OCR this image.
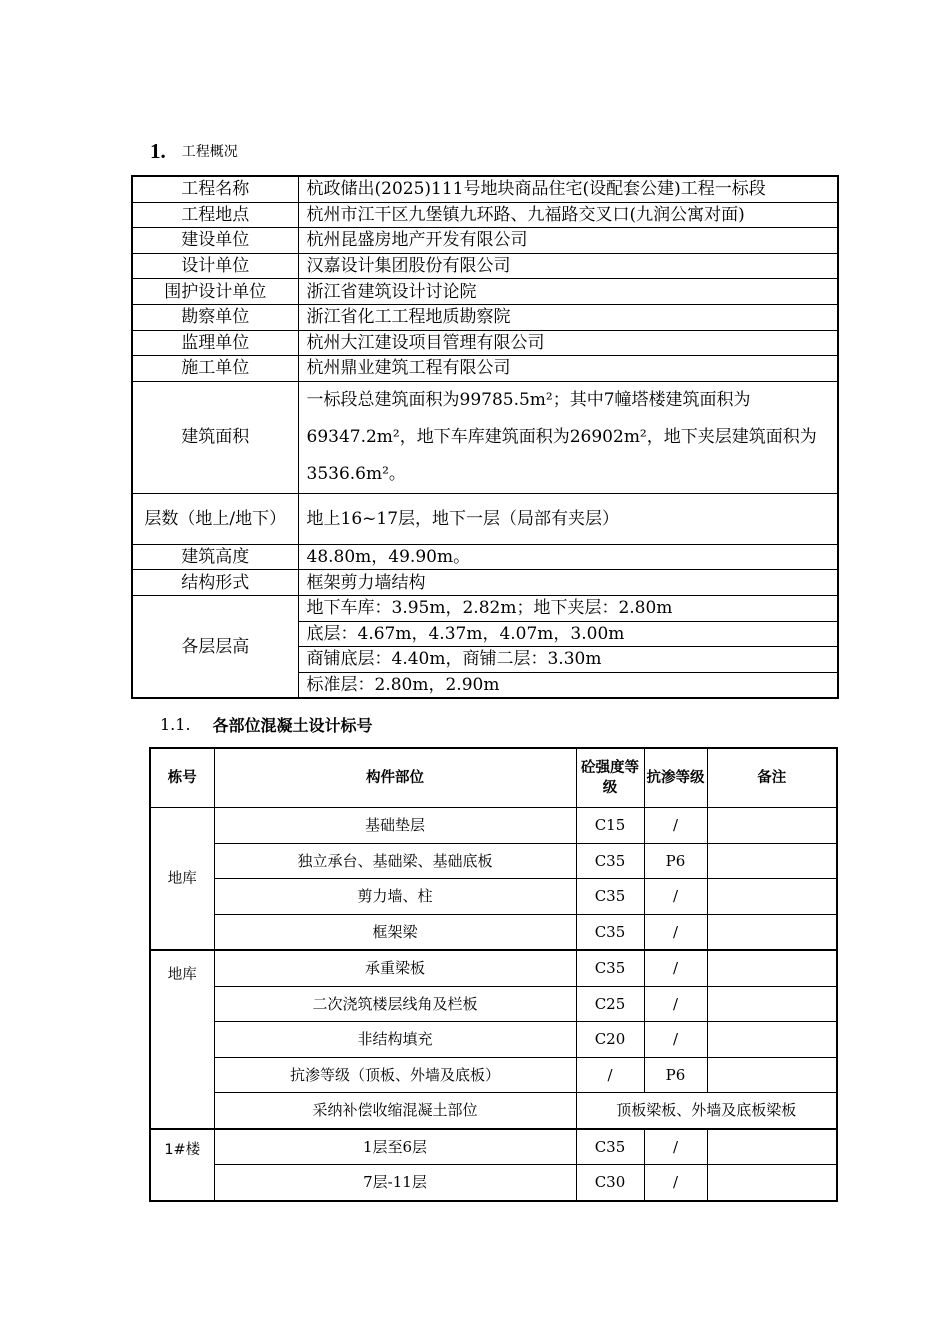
1. 工程概况
工程名称	杭政储出(2025)111号地块商品住宅(设配套公建)工程一标段
工程地点	杭州市江干区九堡镇九环路、九福路交叉口(九润公寓对面)
建设单位	杭州昆盛房地产开发有限公司
设计单位	汉嘉设计集团股份有限公司
围护设计单位	浙江省建筑设计讨论院
勘察单位	浙江省化工工程地质勘察院
监理单位	杭州大江建设项目管理有限公司
施工单位	杭州鼎业建筑工程有限公司
建筑面积	一标段总建筑面积为99785.5m²；其中7幢塔楼建筑面积为69347.2m²，地下车库建筑面积为26902m²，地下夹层建筑面积为3536.6m²。
层数（地上/地下）	地上16~17层，地下一层（局部有夹层）
建筑高度	48.80m，49.90m。
结构形式	框架剪力墙结构
各层层高	地下车库：3.95m，2.82m；地下夹层：2.80m
	底层：4.67m，4.37m，4.07m，3.00m
	商铺底层：4.40m，商铺二层：3.30m
	标准层：2.80m，2.90m
1.1. 各部位混凝土设计标号
栋号	构件部位	砼强度等级	抗渗等级	备注
地库	基础垫层	C15	/	
	独立承台、基础梁、基础底板	C35	P6	
	剪力墙、柱	C35	/	
	框架梁	C35	/	
地库	承重梁板	C35	/	
	二次浇筑楼层线角及栏板	C25	/	
	非结构填充	C20	/	
	抗渗等级（顶板、外墙及底板）	/	P6	
	采纳补偿收缩混凝土部位	顶板梁板、外墙及底板梁板		
1#楼	1层至6层	C35	/	
	7层-11层	C30	/	
